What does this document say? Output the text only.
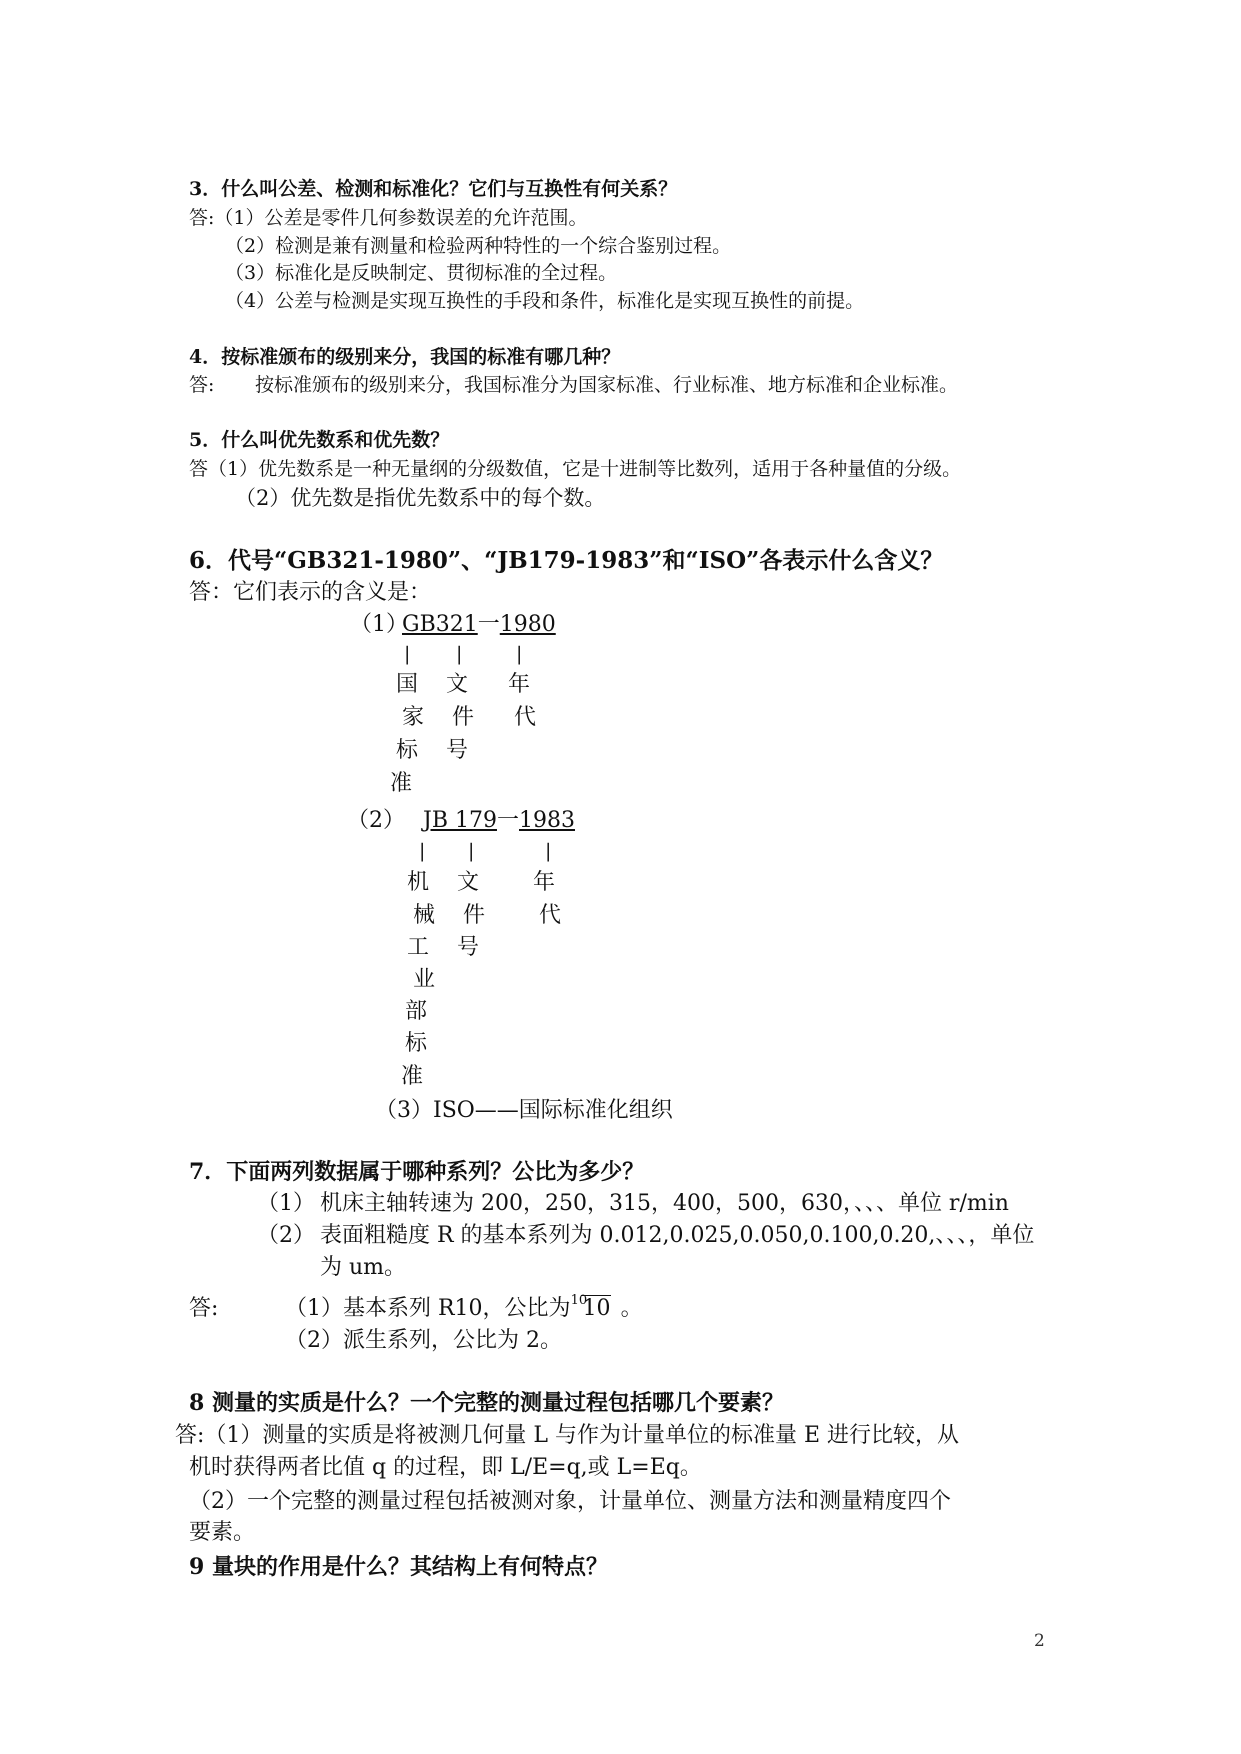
3．什么叫公差、检测和标准化？它们与互换性有何关系？
答:（1）公差是零件几何参数误差的允许范围。
（2）检测是兼有测量和检验两种特性的一个综合鉴别过程。
（3）标准化是反映制定、贯彻标准的全过程。
（4）公差与检测是实现互换性的手段和条件，标准化是实现互换性的前提。
4．按标准颁布的级别来分，我国的标准有哪几种？
答: 按标准颁布的级别来分，我国标准分为国家标准、行业标准、地方标准和企业标准。
5．什么叫优先数系和优先数？
答（1）优先数系是一种无量纲的分级数值，它是十进制等比数列，适用于各种量值的分级。
（2）优先数是指优先数系中的每个数。
6．代号“GB321-1980”、“JB179-1983”和“ISO”各表示什么含义？
答：它们表示的含义是：
（1）
GB321一1980
| |	|
国
家
标
准
文
件
号
年
代
（2） JB 179一1983
| |	|
机
械
工
业
部
标
准
文
件
号
年
代
（3）ISO——国际标准化组织
7．下面两列数据属于哪种系列？公比为多少？
（1） 机床主轴转速为 200，250，315，400，500，630，、、、单位 r/min
（2） 表面粗糙度 R 的基本系列为 0.012,0.025,0.050,0.100,0.20,、、、，单位
为 um。
答:	（1）基本系列 R10，公比为 10
10 。
（2）派生系列，公比为 2。
8 测量的实质是什么？一个完整的测量过程包括哪几个要素？
答:（1）测量的实质是将被测几何量 L 与作为计量单位的标准量 E 进行比较，从
机时获得两者比值 q 的过程，即 L/E=q,或 L=Eq。
（2）一个完整的测量过程包括被测对象，计量单位、测量方法和测量精度四个
要素。
9 量块的作用是什么？其结构上有何特点？
2
